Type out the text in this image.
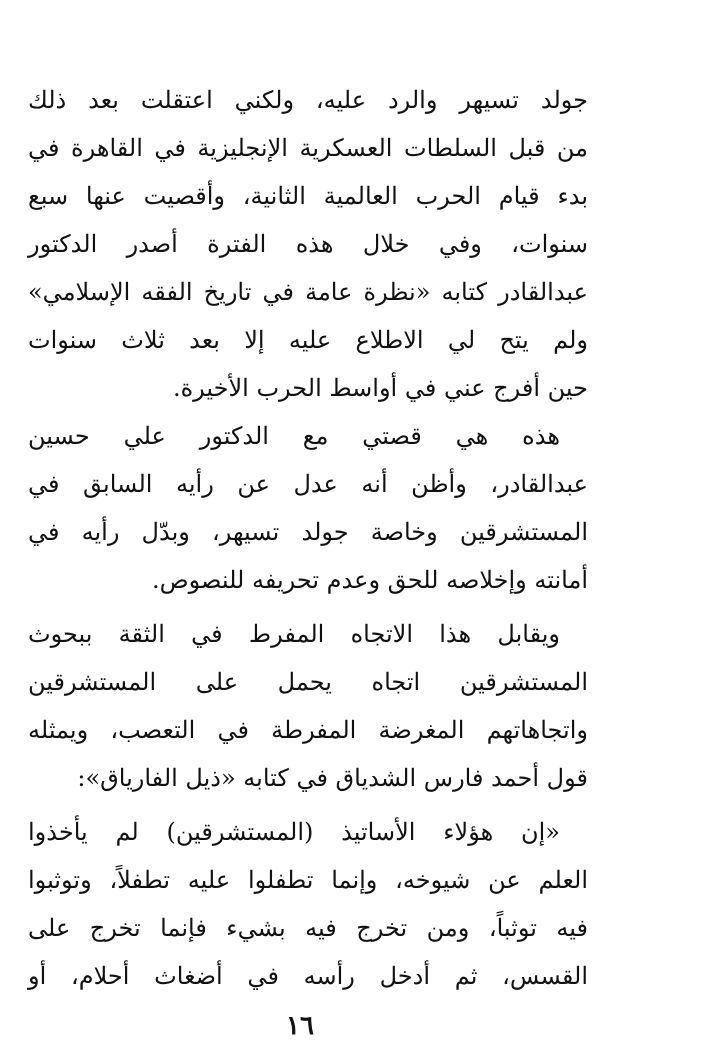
جولد تسيهر والرد عليه، ولكني اعتقلت بعد ذلك
من قبل السلطات العسكرية الإنجليزية في القاهرة في
بدء قيام الحرب العالمية الثانية، وأقصيت عنها سبع
سنوات، وفي خلال هذه الفترة أصدر الدكتور
عبدالقادر كتابه «نظرة عامة في تاريخ الفقه الإسلامي»
ولم يتح لي الاطلاع عليه إلا بعد ثلاث سنوات
حين أفرج عني في أواسط الحرب الأخيرة.
هذه هي قصتي مع الدكتور علي حسين
عبدالقادر، وأظن أنه عدل عن رأيه السابق في
المستشرقين وخاصة جولد تسيهر، وبدّل رأيه في
أمانته وإخلاصه للحق وعدم تحريفه للنصوص.
ويقابل هذا الاتجاه المفرط في الثقة ببحوث
المستشرقين اتجاه يحمل على المستشرقين
واتجاهاتهم المغرضة المفرطة في التعصب، ويمثله
قول أحمد فارس الشدياق في كتابه «ذيل الفارياق»:
«إن هؤلاء الأساتيذ (المستشرقين) لم يأخذوا
العلم عن شيوخه، وإنما تطفلوا عليه تطفلاً، وتوثبوا
فيه توثباً، ومن تخرج فيه بشيء فإنما تخرج على
القسس، ثم أدخل رأسه في أضغاث أحلام، أو
١٦
